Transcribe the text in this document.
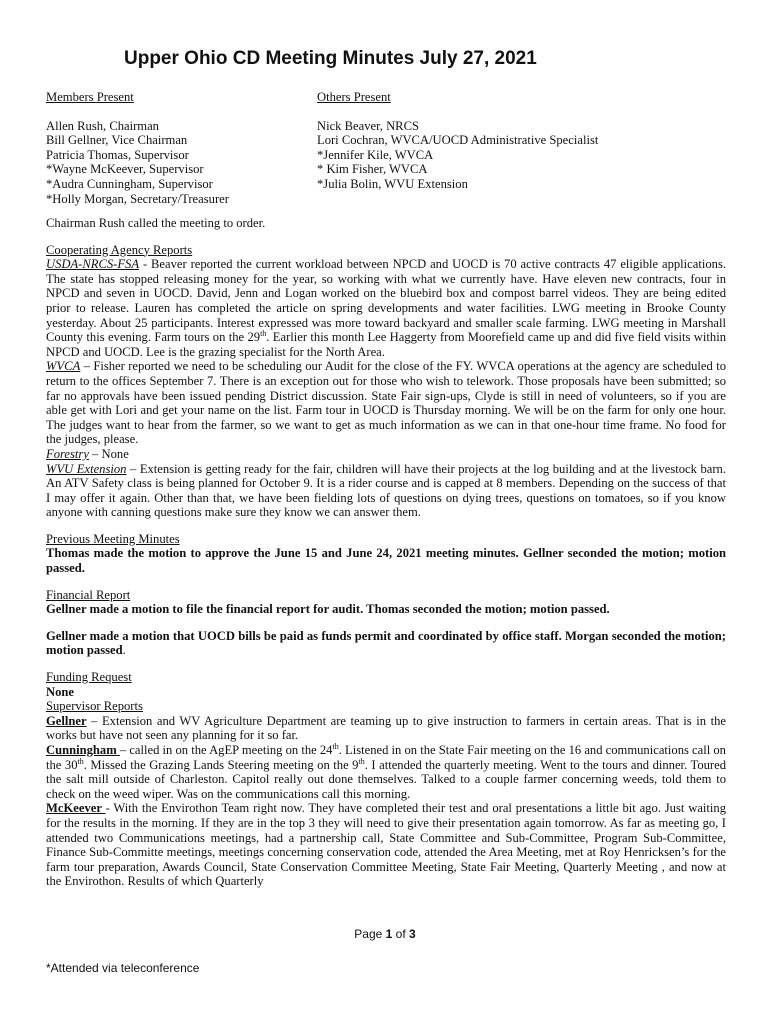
Upper Ohio CD Meeting Minutes July 27, 2021
Members Present
Allen Rush, Chairman
Bill Gellner, Vice Chairman
Patricia Thomas, Supervisor
*Wayne McKeever, Supervisor
*Audra Cunningham, Supervisor
*Holly Morgan, Secretary/Treasurer
Others Present
Nick Beaver, NRCS
Lori Cochran, WVCA/UOCD Administrative Specialist
*Jennifer Kile, WVCA
* Kim Fisher, WVCA
*Julia Bolin, WVU Extension

Chairman Rush called the meeting to order.

Cooperating Agency Reports

USDA-NRCS-FSA - Beaver reported the current workload between NPCD and UOCD is 70 active contracts 47 eligible applications. The state has stopped releasing money for the year, so working with what we currently have. Have eleven new contracts, four in NPCD and seven in UOCD. David, Jenn and Logan worked on the bluebird box and compost barrel videos. They are being edited prior to release. Lauren has completed the article on spring developments and water facilities. LWG meeting in Brooke County yesterday. About 25 participants. Interest expressed was more toward backyard and smaller scale farming. LWG meeting in Marshall County this evening. Farm tours on the 29th. Earlier this month Lee Haggerty from Moorefield came up and did five field visits within NPCD and UOCD. Lee is the grazing specialist for the North Area.

WVCA – Fisher reported we need to be scheduling our Audit for the close of the FY. WVCA operations at the agency are scheduled to return to the offices September 7. There is an exception out for those who wish to telework. Those proposals have been submitted; so far no approvals have been issued pending District discussion. State Fair sign-ups, Clyde is still in need of volunteers, so if you are able get with Lori and get your name on the list. Farm tour in UOCD is Thursday morning. We will be on the farm for only one hour. The judges want to hear from the farmer, so we want to get as much information as we can in that one-hour time frame. No food for the judges, please.

Forestry – None

WVU Extension – Extension is getting ready for the fair, children will have their projects at the log building and at the livestock barn. An ATV Safety class is being planned for October 9. It is a rider course and is capped at 8 members. Depending on the success of that I may offer it again. Other than that, we have been fielding lots of questions on dying trees, questions on tomatoes, so if you know anyone with canning questions make sure they know we can answer them.

Previous Meeting Minutes

Thomas made the motion to approve the June 15 and June 24, 2021 meeting minutes. Gellner seconded the motion; motion passed.

Financial Report

Gellner made a motion to file the financial report for audit. Thomas seconded the motion; motion passed.

Gellner made a motion that UOCD bills be paid as funds permit and coordinated by office staff. Morgan seconded the motion; motion passed.

Funding Request

None

Supervisor Reports

Gellner – Extension and WV Agriculture Department are teaming up to give instruction to farmers in certain areas. That is in the works but have not seen any planning for it so far.

Cunningham – called in on the AgEP meeting on the 24th. Listened in on the State Fair meeting on the 16 and communications call on the 30th. Missed the Grazing Lands Steering meeting on the 9th. I attended the quarterly meeting. Went to the tours and dinner. Toured the salt mill outside of Charleston. Capitol really out done themselves. Talked to a couple farmer concerning weeds, told them to check on the weed wiper. Was on the communications call this morning.

McKeever - With the Envirothon Team right now. They have completed their test and oral presentations a little bit ago. Just waiting for the results in the morning. If they are in the top 3 they will need to give their presentation again tomorrow. As far as meeting go, I attended two Communications meetings, had a partnership call, State Committee and Sub-Committee, Program Sub-Committee, Finance Sub-Committe meetings, meetings concerning conservation code, attended the Area Meeting, met at Roy Henricksen’s for the farm tour preparation, Awards Council, State Conservation Committee Meeting, State Fair Meeting, Quarterly Meeting , and now at the Envirothon. Results of which Quarterly

Page 1 of 3
*Attended via teleconference
